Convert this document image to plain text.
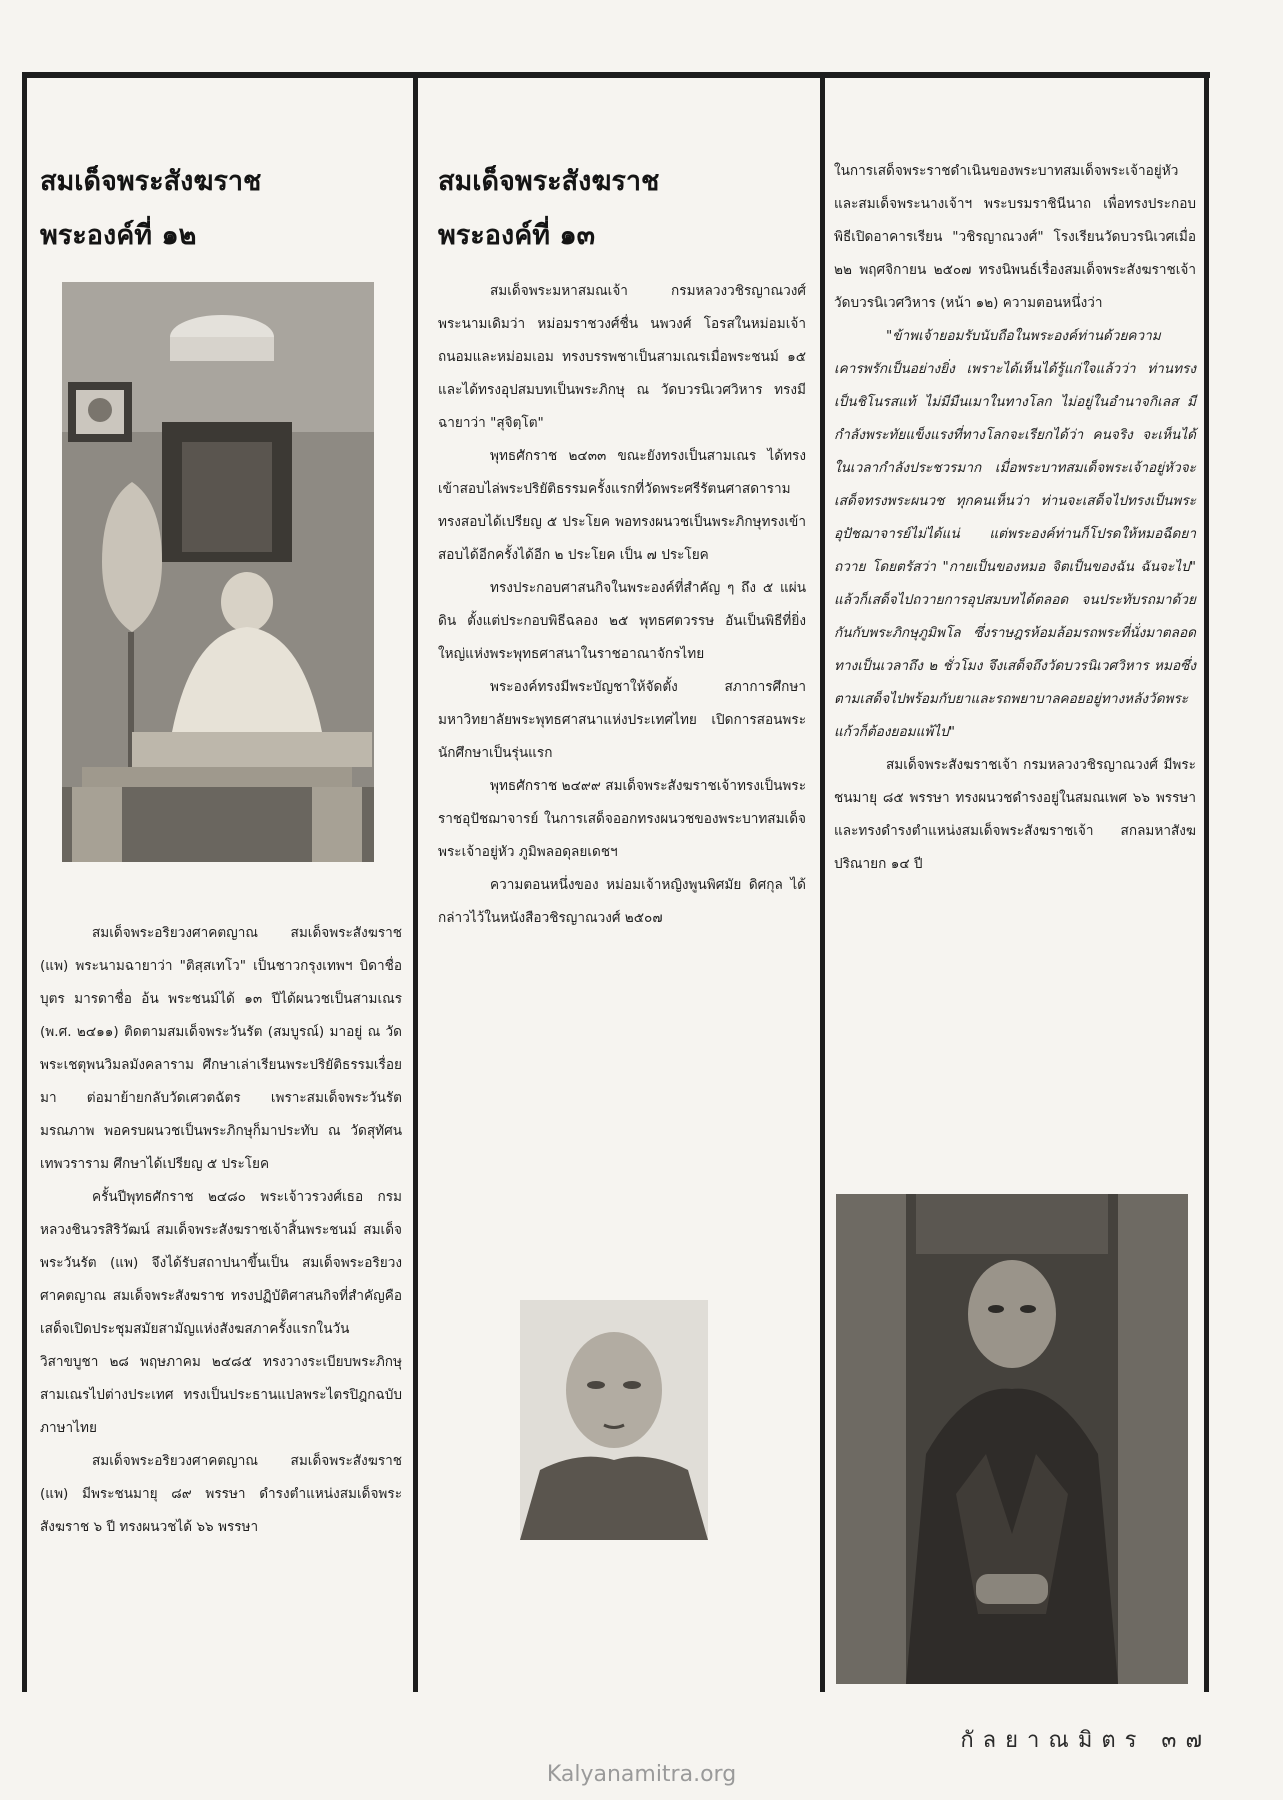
สมเด็จพระสังฆราช
พระองค์ที่ ๑๒

สมเด็จพระอริยวงศาคตญาณ สมเด็จพระสังฆราช (แพ) พระนามฉายาว่า "ติสฺสเทโว" เป็นชาวกรุงเทพฯ บิดาชื่อ บุตร มารดาชื่อ อ้น พระชนม์ได้ ๑๓ ปีได้ผนวชเป็นสามเณร (พ.ศ. ๒๔๑๑) ติดตามสมเด็จพระวันรัต (สมบูรณ์) มาอยู่ ณ วัดพระเชตุพนวิมลมังคลาราม ศึกษาเล่าเรียนพระปริยัติธรรมเรื่อยมา ต่อมาย้ายกลับวัดเศวตฉัตร เพราะสมเด็จพระวันรัตมรณภาพ พอครบผนวชเป็นพระภิกษุก็มาประทับ ณ วัดสุทัศนเทพวราราม ศึกษาได้เปรียญ ๕ ประโยค

ครั้นปีพุทธศักราช ๒๔๘๐ พระเจ้าวรวงศ์เธอ กรมหลวงชินวรสิริวัฒน์ สมเด็จพระสังฆราชเจ้าสิ้นพระชนม์ สมเด็จพระวันรัต (แพ) จึงได้รับสถาปนาขึ้นเป็น สมเด็จพระอริยวงศาคตญาณ สมเด็จพระสังฆราช ทรงปฏิบัติศาสนกิจที่สำคัญคือ เสด็จเปิดประชุมสมัยสามัญแห่งสังฆสภาครั้งแรกในวันวิสาขบูชา ๒๘ พฤษภาคม ๒๔๘๕ ทรงวางระเบียบพระภิกษุสามเณรไปต่างประเทศ ทรงเป็นประธานแปลพระไตรปิฎกฉบับภาษาไทย

สมเด็จพระอริยวงศาคตญาณ สมเด็จพระสังฆราช (แพ) มีพระชนมายุ ๘๙ พรรษา ดำรงตำแหน่งสมเด็จพระสังฆราช ๖ ปี ทรงผนวชได้ ๖๖ พรรษา

สมเด็จพระสังฆราช
พระองค์ที่ ๑๓

สมเด็จพระมหาสมณเจ้า กรมหลวงวชิรญาณวงศ์ พระนามเดิมว่า หม่อมราชวงศ์ชื่น นพวงศ์ โอรสในหม่อมเจ้าถนอมและหม่อมเอม ทรงบรรพชาเป็นสามเณรเมื่อพระชนม์ ๑๕ และได้ทรงอุปสมบทเป็นพระภิกษุ ณ วัดบวรนิเวศวิหาร ทรงมีฉายาว่า "สุจิตฺโต"

พุทธศักราช ๒๔๓๓ ขณะยังทรงเป็นสามเณร ได้ทรงเข้าสอบไล่พระปริยัติธรรมครั้งแรกที่วัดพระศรีรัตนศาสดาราม ทรงสอบได้เปรียญ ๕ ประโยค พอทรงผนวชเป็นพระภิกษุทรงเข้าสอบได้อีกครั้งได้อีก ๒ ประโยค เป็น ๗ ประโยค

ทรงประกอบศาสนกิจในพระองค์ที่สำคัญ ๆ ถึง ๕ แผ่นดิน ตั้งแต่ประกอบพิธีฉลอง ๒๕ พุทธศตวรรษ อันเป็นพิธีที่ยิ่งใหญ่แห่งพระพุทธศาสนาในราชอาณาจักรไทย

พระองค์ทรงมีพระบัญชาให้จัดตั้ง สภาการศึกษามหาวิทยาลัยพระพุทธศาสนาแห่งประเทศไทย เปิดการสอนพระนักศึกษาเป็นรุ่นแรก

พุทธศักราช ๒๔๙๙ สมเด็จพระสังฆราชเจ้าทรงเป็นพระราชอุปัชฌาจารย์ ในการเสด็จออกทรงผนวชของพระบาทสมเด็จพระเจ้าอยู่หัว ภูมิพลอดุลยเดชฯ

ความตอนหนึ่งของ หม่อมเจ้าหญิงพูนพิศมัย ดิศกุล ได้กล่าวไว้ในหนังสือวชิรญาณวงศ์ ๒๕๐๗

ในการเสด็จพระราชดำเนินของพระบาทสมเด็จพระเจ้าอยู่หัว และสมเด็จพระนางเจ้าฯ พระบรมราชินีนาถ เพื่อทรงประกอบพิธีเปิดอาคารเรียน "วชิรญาณวงศ์" โรงเรียนวัดบวรนิเวศเมื่อ ๒๒ พฤศจิกายน ๒๕๐๗ ทรงนิพนธ์เรื่องสมเด็จพระสังฆราชเจ้า วัดบวรนิเวศวิหาร (หน้า ๑๒) ความตอนหนึ่งว่า

"ข้าพเจ้ายอมรับนับถือในพระองค์ท่านด้วยความเคารพรักเป็นอย่างยิ่ง เพราะได้เห็นได้รู้แก่ใจแล้วว่า ท่านทรงเป็นชิโนรสแท้ ไม่มีมืนเมาในทางโลก ไม่อยู่ในอำนาจกิเลส มีกำลังพระทัยแข็งแรงที่ทางโลกจะเรียกได้ว่า คนจริง จะเห็นได้ในเวลากำลังประชวรมาก เมื่อพระบาทสมเด็จพระเจ้าอยู่หัวจะเสด็จทรงพระผนวช ทุกคนเห็นว่า ท่านจะเสด็จไปทรงเป็นพระอุปัชฌาจารย์ไม่ได้แน่ แต่พระองค์ท่านก็โปรดให้หมอฉีดยาถวาย โดยตรัสว่า "กายเป็นของหมอ จิตเป็นของฉัน ฉันจะไป" แล้วก็เสด็จไปถวายการอุปสมบทได้ตลอด จนประทับรถมาด้วยกันกับพระภิกษุภูมิพโล ซึ่งราษฎรห้อมล้อมรถพระที่นั่งมาตลอดทางเป็นเวลาถึง ๒ ชั่วโมง จึงเสด็จถึงวัดบวรนิเวศวิหาร หมอซึ่งตามเสด็จไปพร้อมกับยาและรถพยาบาลคอยอยู่ทางหลังวัดพระแก้วก็ต้องยอมแพ้ไป"

สมเด็จพระสังฆราชเจ้า กรมหลวงวชิรญาณวงศ์ มีพระชนมายุ ๘๕ พรรษา ทรงผนวชดำรงอยู่ในสมณเพศ ๖๖ พรรษา และทรงดำรงตำแหน่งสมเด็จพระสังฆราชเจ้า สกลมหาสังฆปริณายก ๑๔ ปี

กัลยาณมิตร ๓๗
Kalyanamitra.org
